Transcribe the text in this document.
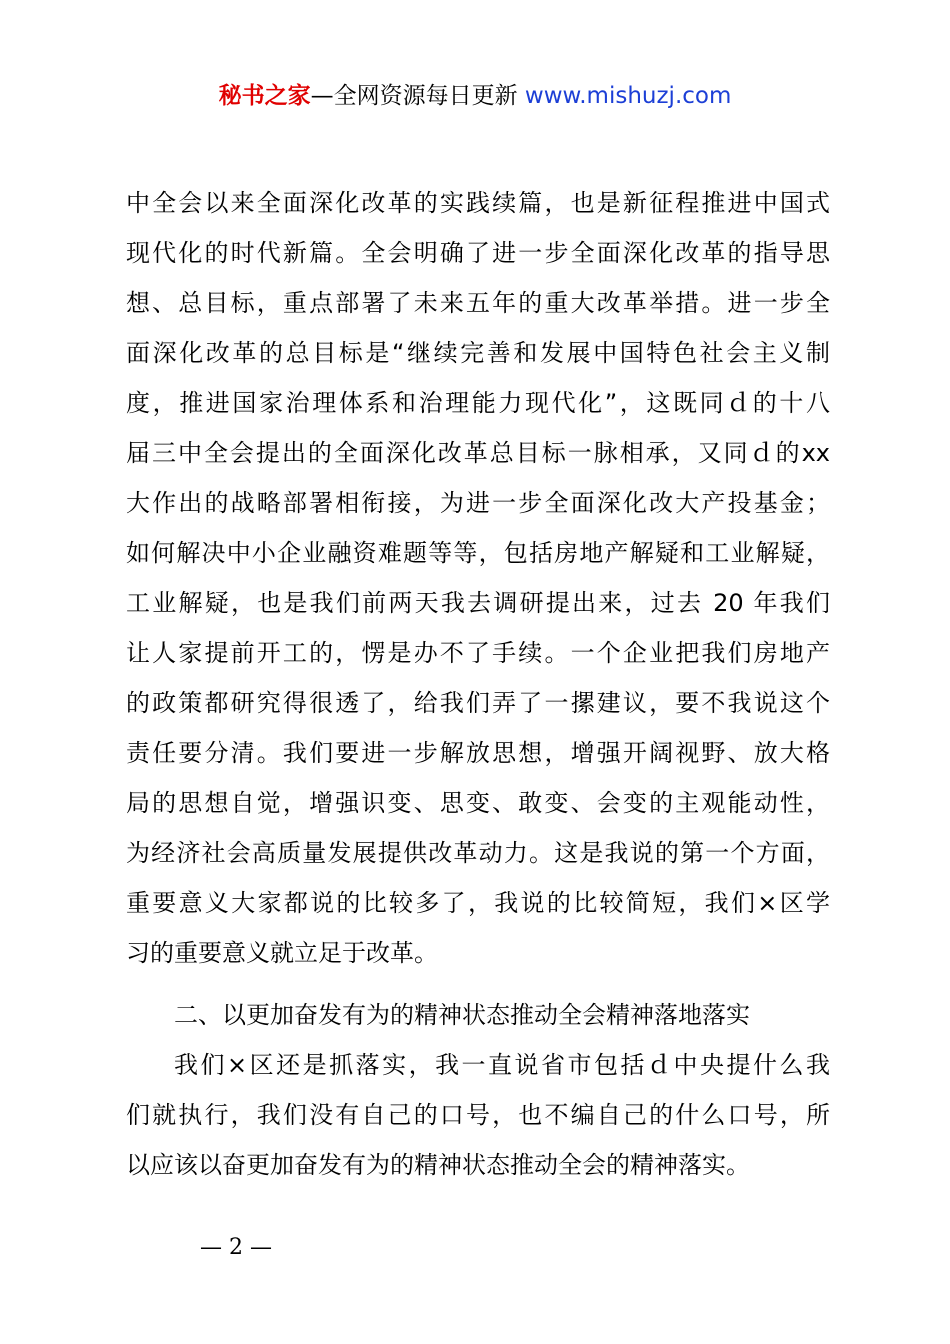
秘书之家—全网资源每日更新 www.mishuzj.com
中全会以来全面深化改革的实践续篇，也是新征程推进中国式
现代化的时代新篇。全会明确了进一步全面深化改革的指导思
想、总目标，重点部署了未来五年的重大改革举措。进一步全
面深化改革的总目标是“继续完善和发展中国特色社会主义制
度，推进国家治理体系和治理能力现代化”，这既同ｄ的十八
届三中全会提出的全面深化改革总目标一脉相承，又同ｄ的xx
大作出的战略部署相衔接，为进一步全面深化改大产投基金；
如何解决中小企业融资难题等等，包括房地产解疑和工业解疑，
工业解疑，也是我们前两天我去调研提出来，过去 20 年我们
让人家提前开工的，愣是办不了手续。一个企业把我们房地产
的政策都研究得很透了，给我们弄了一摞建议，要不我说这个
责任要分清。我们要进一步解放思想，增强开阔视野、放大格
局的思想自觉，增强识变、思变、敢变、会变的主观能动性，
为经济社会高质量发展提供改革动力。这是我说的第一个方面，
重要意义大家都说的比较多了，我说的比较简短，我们×区学
习的重要意义就立足于改革。
二、以更加奋发有为的精神状态推动全会精神落地落实
我们×区还是抓落实，我一直说省市包括ｄ中央提什么我
们就执行，我们没有自己的口号，也不编自己的什么口号，所
以应该以奋更加奋发有为的精神状态推动全会的精神落实。
— 2 —
